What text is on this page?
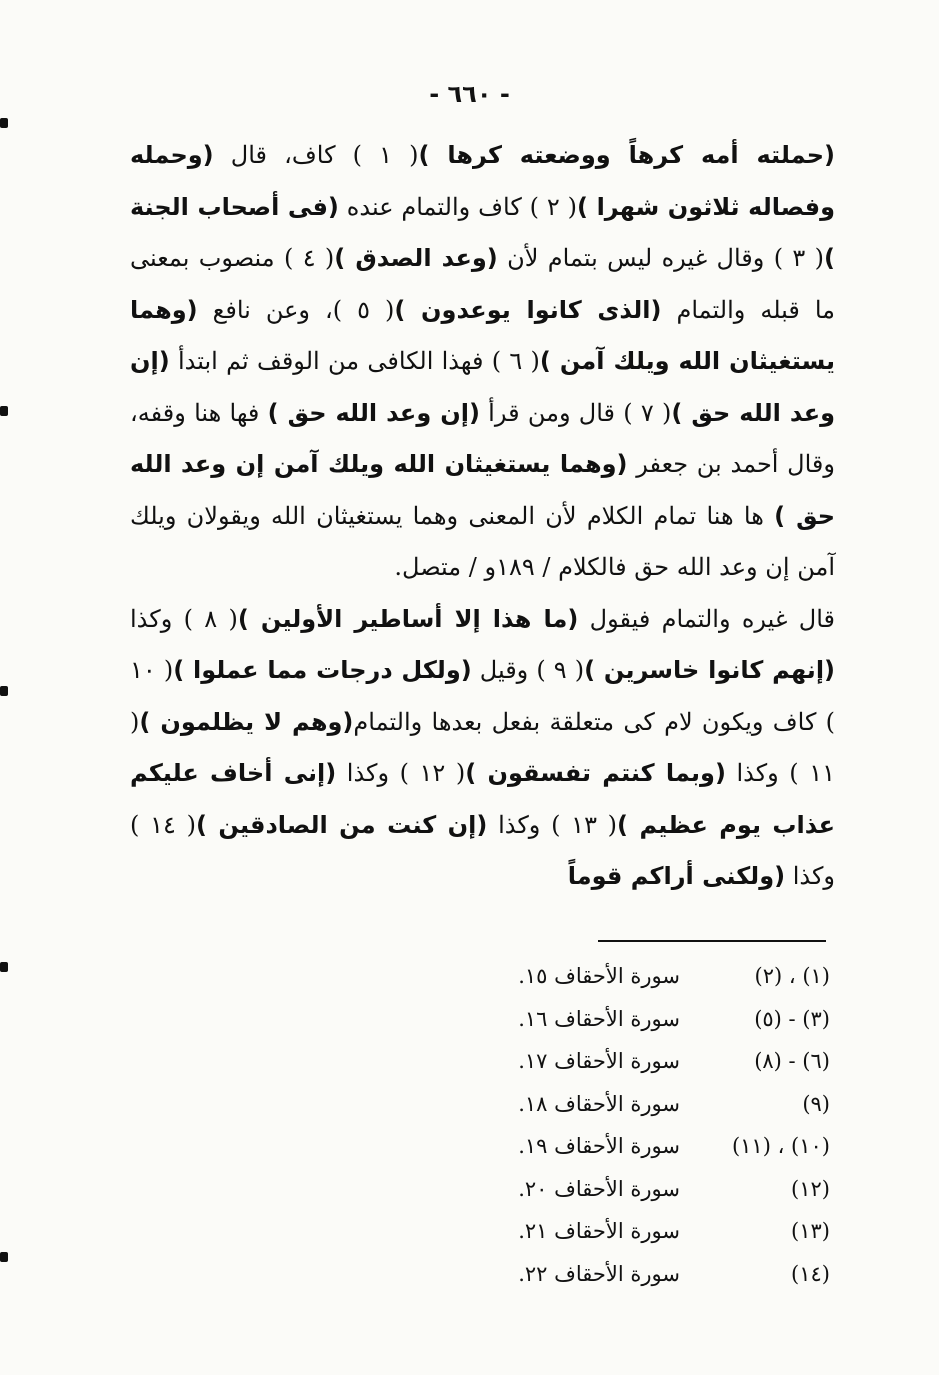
- ٦٦٠ -

(حملته أمه كرهاً ووضعته كرها )( ١ ) كاف، قال (وحمله وفصاله ثلاثون شهرا )( ٢ ) كاف والتمام عنده (فى أصحاب الجنة )( ٣ ) وقال غيره ليس بتمام لأن (وعد الصدق )( ٤ ) منصوب بمعنى ما قبله والتمام (الذى كانوا يوعدون )( ٥ )، وعن نافع (وهما يستغيثان الله ويلك آمن )( ٦ ) فهذا الكافى من الوقف ثم ابتدأ (إن وعد الله حق )( ٧ ) قال ومن قرأ (إن وعد الله حق ) فها هنا وقفه، وقال أحمد بن جعفر (وهما يستغيثان الله ويلك آمن إن وعد الله حق ) ها هنا تمام الكلام لأن المعنى وهما يستغيثان الله ويقولان ويلك آمن إن وعد الله حق فالكلام / ١٨٩و / متصل.

قال غيره والتمام فيقول (ما هذا إلا أساطير الأولين )( ٨ ) وكذا (إنهم كانوا خاسرين )( ٩ ) وقيل (ولكل درجات مما عملوا )( ١٠ ) كاف ويكون لام كى متعلقة بفعل بعدها والتمام(وهم لا يظلمون )( ١١ ) وكذا (وبما كنتم تفسقون )( ١٢ ) وكذا (إنى أخاف عليكم عذاب يوم عظيم )( ١٣ ) وكذا (إن كنت من الصادقين )( ١٤ ) وكذا (ولكنى أراكم قوماً

(١) ، (٢)
سورة الأحقاف ١٥.
(٣) - (٥)
سورة الأحقاف ١٦.
(٦) - (٨)
سورة الأحقاف ١٧.
(٩)
سورة الأحقاف ١٨.
(١٠) ، (١١)
سورة الأحقاف ١٩.
(١٢)
سورة الأحقاف ٢٠.
(١٣)
سورة الأحقاف ٢١.
(١٤)
سورة الأحقاف ٢٢.
